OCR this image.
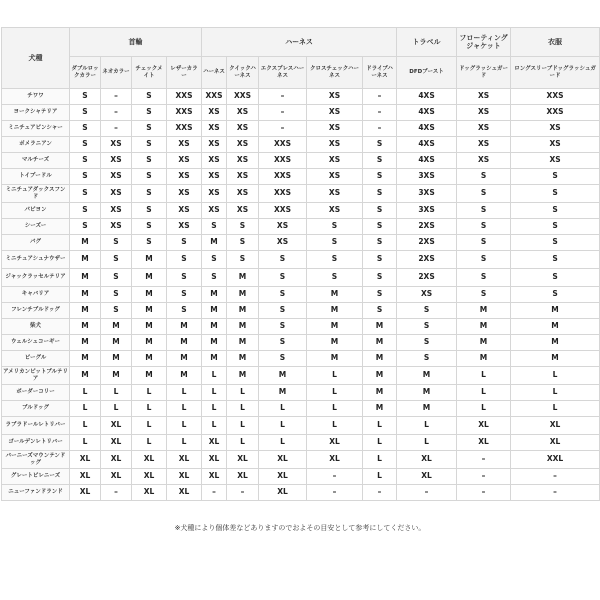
犬種	首輪				ハーネス					トラベル	フローティングジャケット	衣服
	ダブルロックカラー	ネオカラー	チェックメイト	レザーカラー	ハーネス	クイックハーネス	エクスプレスハーネス	クロスチェックハーネス	ドライブハーネス	DFDブースト	ドッグラッシュガード	ロングスリーブドッグラッシュガード
チワワ	S	–	S	XXS	XXS	XXS	–	XS	–	4XS	XS	XXS
ヨークシャテリア	S	–	S	XXS	XS	XS	–	XS	–	4XS	XS	XXS
ミニチュアピンシャー	S	–	S	XXS	XS	XS	–	XS	–	4XS	XS	XS
ポメラニアン	S	XS	S	XS	XS	XS	XXS	XS	S	4XS	XS	XS
マルチーズ	S	XS	S	XS	XS	XS	XXS	XS	S	4XS	XS	XS
トイプードル	S	XS	S	XS	XS	XS	XXS	XS	S	3XS	S	S
ミニチュアダックスフンド	S	XS	S	XS	XS	XS	XXS	XS	S	3XS	S	S
パピヨン	S	XS	S	XS	XS	XS	XXS	XS	S	3XS	S	S
シーズー	S	XS	S	XS	S	S	XS	S	S	2XS	S	S
パグ	M	S	S	S	M	S	XS	S	S	2XS	S	S
ミニチュアシュナウザー	M	S	M	S	S	S	S	S	S	2XS	S	S
ジャックラッセルテリア	M	S	M	S	S	M	S	S	S	2XS	S	S
キャバリア	M	S	M	S	M	M	S	M	S	XS	S	S
フレンチブルドッグ	M	S	M	S	M	M	S	M	S	S	M	M
柴犬	M	M	M	M	M	M	S	M	M	S	M	M
ウェルシュコーギー	M	M	M	M	M	M	S	M	M	S	M	M
ビーグル	M	M	M	M	M	M	S	M	M	S	M	M
アメリカンピットブルテリア	M	M	M	M	L	M	M	L	M	M	L	L
ボーダーコリー	L	L	L	L	L	L	M	L	M	M	L	L
ブルドッグ	L	L	L	L	L	L	L	L	M	M	L	L
ラブラドールレトリバー	L	XL	L	L	L	L	L	L	L	L	XL	XL
ゴールデンレトリバー	L	XL	L	L	XL	L	L	XL	L	L	XL	XL
バーニーズマウンテンドッグ	XL	XL	XL	XL	XL	XL	XL	XL	L	XL	–	XXL
グレートピレニーズ	XL	XL	XL	XL	XL	XL	XL	–	L	XL	–	–
ニューファンドランド	XL	–	XL	XL	–	–	XL	–	–	–	–	–
※犬種により個体差などありますのでおよその目安として参考にしてください。
